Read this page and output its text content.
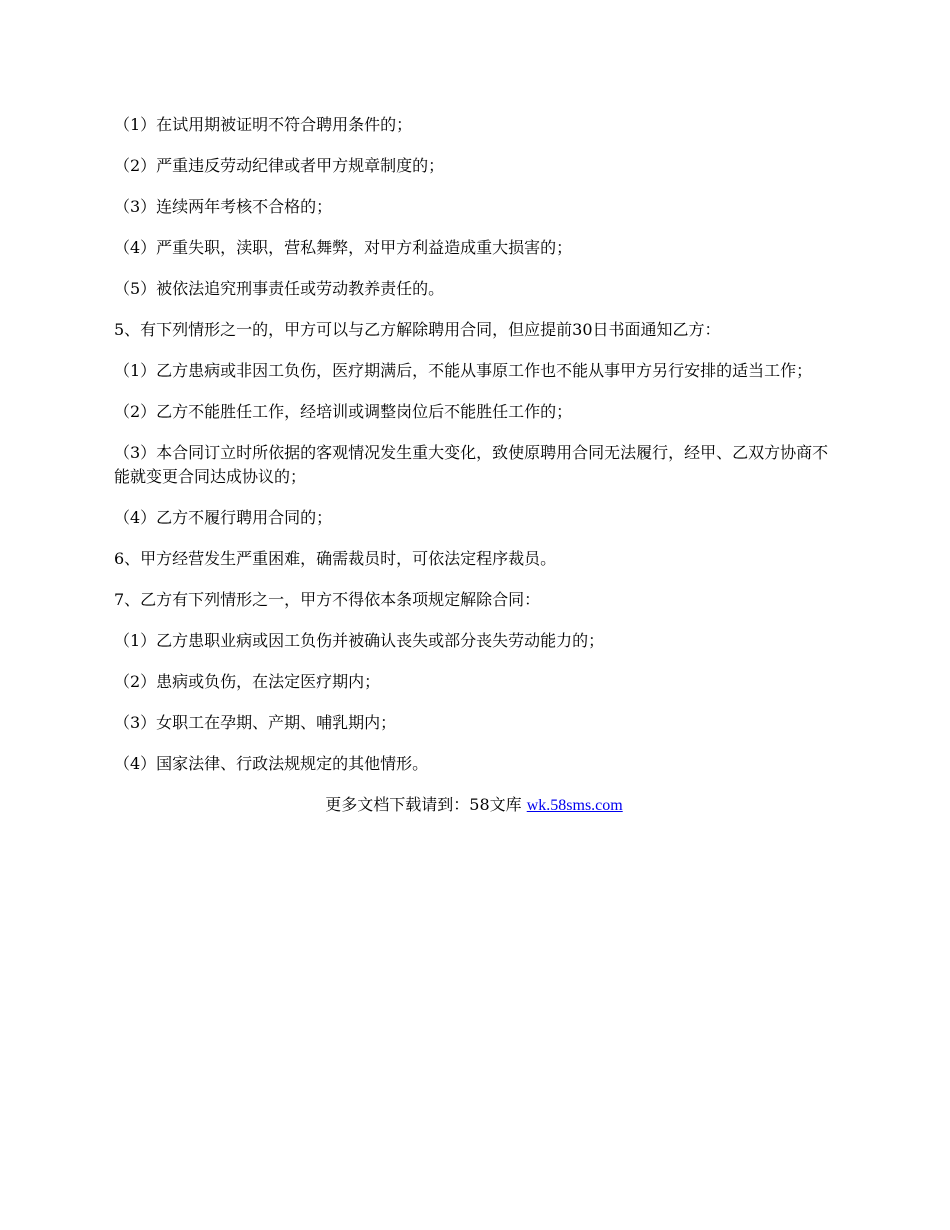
（1）在试用期被证明不符合聘用条件的；

（2）严重违反劳动纪律或者甲方规章制度的；

（3）连续两年考核不合格的；

（4）严重失职，渎职，营私舞弊，对甲方利益造成重大损害的；

（5）被依法追究刑事责任或劳动教养责任的。

5、有下列情形之一的，甲方可以与乙方解除聘用合同，但应提前30日书面通知乙方：

（1）乙方患病或非因工负伤，医疗期满后，不能从事原工作也不能从事甲方另行安排的适当工作；

（2）乙方不能胜任工作，经培训或调整岗位后不能胜任工作的；

（3）本合同订立时所依据的客观情况发生重大变化，致使原聘用合同无法履行，经甲、乙双方协商不能就变更合同达成协议的；

（4）乙方不履行聘用合同的；

6、甲方经营发生严重困难，确需裁员时，可依法定程序裁员。

7、乙方有下列情形之一，甲方不得依本条项规定解除合同：

（1）乙方患职业病或因工负伤并被确认丧失或部分丧失劳动能力的；

（2）患病或负伤，在法定医疗期内；

（3）女职工在孕期、产期、哺乳期内；

（4）国家法律、行政法规规定的其他情形。

更多文档下载请到：58文库 wk.58sms.com
